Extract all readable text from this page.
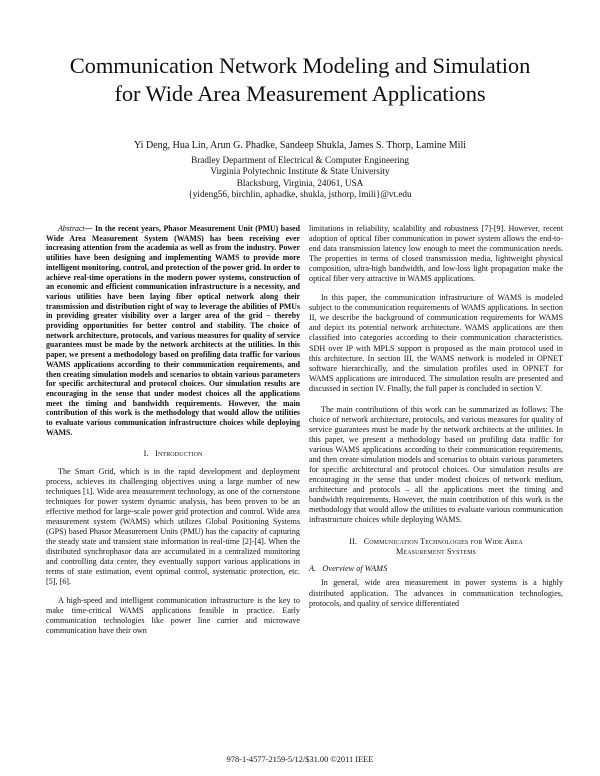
Communication Network Modeling and Simulation
for Wide Area Measurement Applications
Yi Deng, Hua Lin, Arun G. Phadke, Sandeep Shukla, James S. Thorp, Lamine Mili
Bradley Department of Electrical & Computer Engineering
Virginia Polytechnic Institute & State University
Blacksburg, Virginia, 24061, USA
{yideng56, birchlin, aphadke, shukla, jsthorp, lmili}@vt.edu

Abstract— In the recent years, Phasor Measurement Unit (PMU) based Wide Area Measurement System (WAMS) has been receiving ever increasing attention from the academia as well as from the industry. Power utilities have been designing and implementing WAMS to provide more intelligent monitoring, control, and protection of the power grid. In order to achieve real-time operations in the modern power systems, construction of an economic and efficient communication infrastructure is a necessity, and various utilities have been laying fiber optical network along their transmission and distribution right of way to leverage the abilities of PMUs in providing greater visibility over a larger area of the grid – thereby providing opportunities for better control and stability. The choice of network architecture, protocols, and various measures for quality of service guarantees must be made by the network architects at the utilities. In this paper, we present a methodology based on profiling data traffic for various WAMS applications according to their communication requirements, and then creating simulation models and scenarios to obtain various parameters for specific architectural and protocol choices. Our simulation results are encouraging in the sense that under modest choices all the applications meet the timing and bandwidth requirements. However, the main contribution of this work is the methodology that would allow the utilities to evaluate various communication infrastructure choices while deploying WAMS.

I. Introduction

The Smart Grid, which is in the rapid development and deployment process, achieves its challenging objectives using a large number of new techniques [1]. Wide area measurement technology, as one of the cornerstone techniques for power system dynamic analysis, has been proven to be an effective method for large-scale power grid protection and control. Wide area measurement system (WAMS) which utilizes Global Positioning Systems (GPS) based Phasor Measurement Units (PMU) has the capacity of capturing the steady state and transient state information in real-time [2]-[4]. When the distributed synchrophasor data are accumulated in a centralized monitoring and controlling data center, they eventually support various applications in terms of state estimation, event optimal control, systematic protection, etc. [5], [6].

A high-speed and intelligent communication infrastructure is the key to make time-critical WAMS applications feasible in practice. Early communication technologies like power line carrier and microwave communication have their own

limitations in reliability, scalability and robustness [7]-[9]. However, recent adoption of optical fiber communication in power system allows the end-to-end data transmission latency low enough to meet the communication needs. The properties in terms of closed transmission media, lightweight physical composition, ultra-high bandwidth, and low-loss light propagation make the optical fiber very attractive in WAMS applications.

In this paper, the communication infrastructure of WAMS is modeled subject to the communication requirements of WAMS applications. In section II, we describe the background of communication requirements for WAMS and depict its potential network architecture. WAMS applications are then classified into categories according to their communication characteristics. SDH over IP with MPLS support is proposed as the main protocol used in this architecture. In section III, the WAMS network is modeled in OPNET software hierarchically, and the simulation profiles used in OPNET for WAMS applications are introduced. The simulation results are presented and discussed in section IV. Finally, the full paper is concluded in section V.

The main contributions of this work can be summarized as follows: The choice of network architecture, protocols, and various measures for quality of service guarantees must be made by the network architects at the utilities. In this paper, we present a methodology based on profiling data traffic for various WAMS applications according to their communication requirements, and then create simulation models and scenarios to obtain various parameters for specific architectural and protocol choices. Our simulation results are encouraging in the sense that under modest choices of network medium, architecture and protocols – all the applications meet the timing and bandwidth requirements. However, the main contribution of this work is the methodology that would allow the utilities to evaluate various communication infrastructure choices while deploying WAMS.

II. Communication Technologies for Wide Area
Measurement Systems
A. Overview of WAMS

In general, wide area measurement in power systems is a highly distributed application. The advances in communication technologies, protocols, and quality of service differentiated

978-1-4577-2159-5/12/$31.00 ©2011 IEEE
